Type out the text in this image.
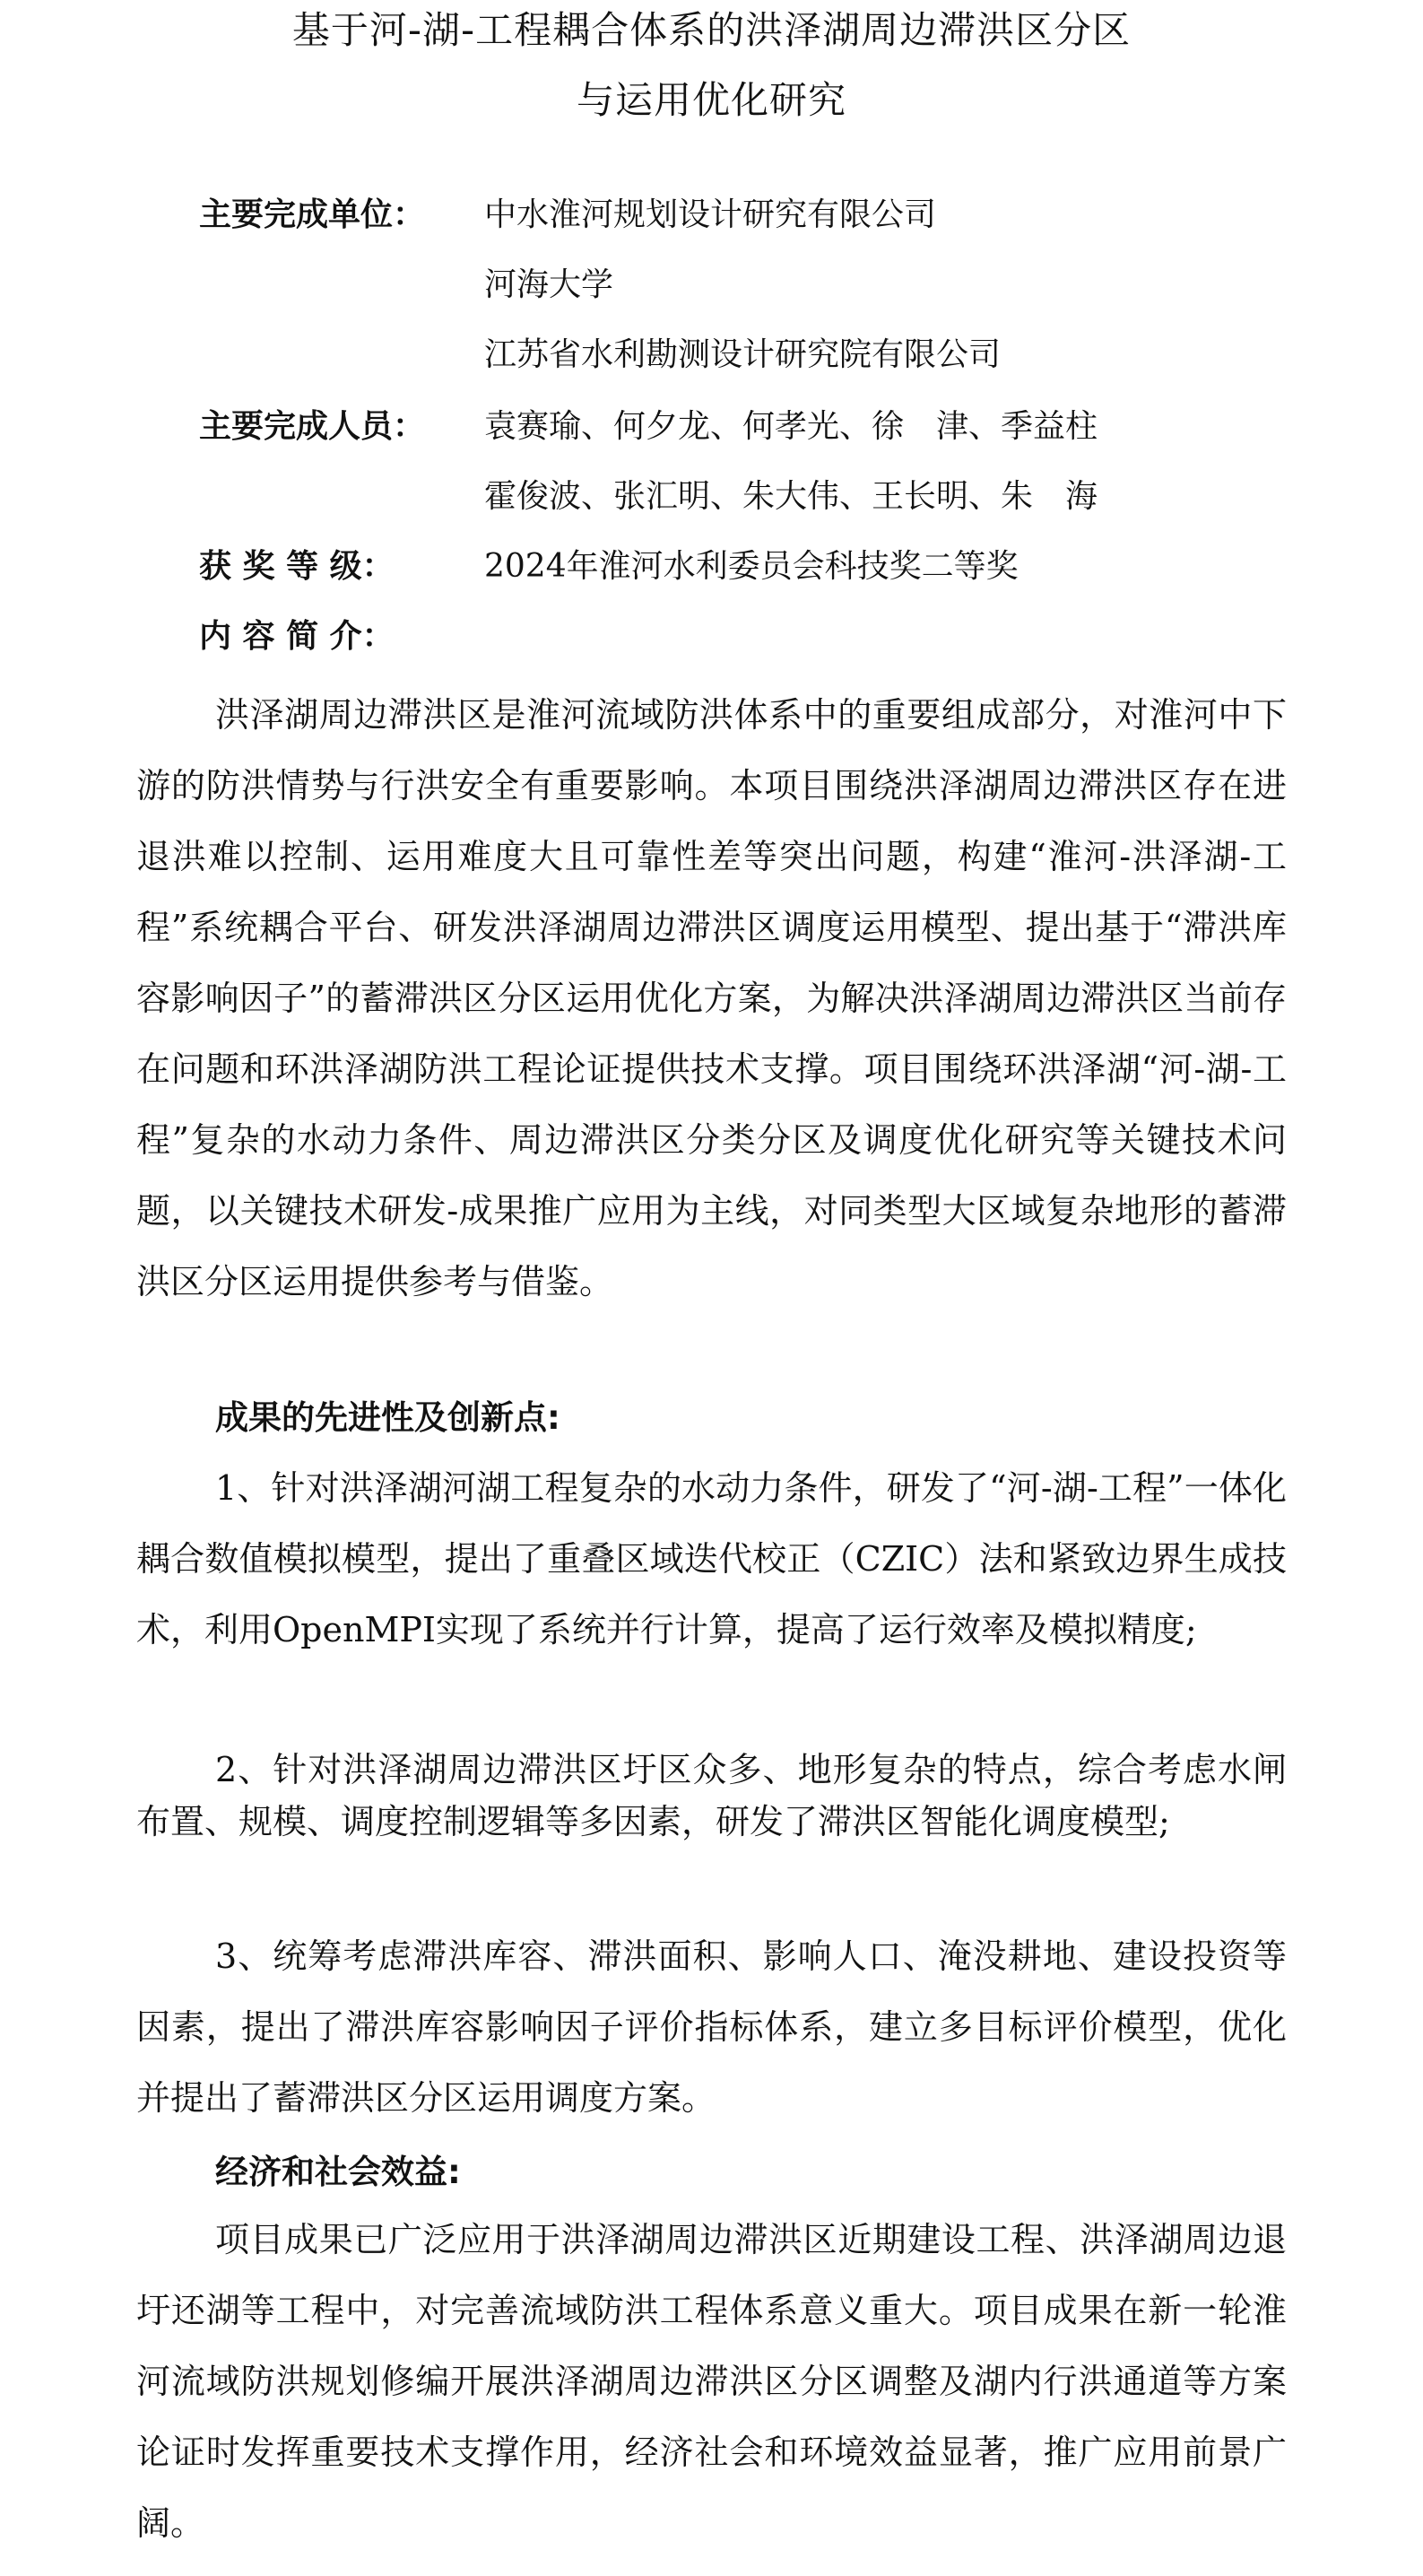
基于河-湖-工程耦合体系的洪泽湖周边滞洪区分区
与运用优化研究
主要完成单位：	中水淮河规划设计研究有限公司
河海大学
江苏省水利勘测设计研究院有限公司
主要完成人员：	袁赛瑜、何夕龙、何孝光、徐　津、季益柱
霍俊波、张汇明、朱大伟、王长明、朱　海
获 奖 等 级：	2024年淮河水利委员会科技奖二等奖
内 容 简 介：
洪泽湖周边滞洪区是淮河流域防洪体系中的重要组成部分，对淮河中下游的防洪情势与行洪安全有重要影响。本项目围绕洪泽湖周边滞洪区存在进退洪难以控制、运用难度大且可靠性差等突出问题，构建“淮河-洪泽湖-工程”系统耦合平台、研发洪泽湖周边滞洪区调度运用模型、提出基于“滞洪库容影响因子”的蓄滞洪区分区运用优化方案，为解决洪泽湖周边滞洪区当前存在问题和环洪泽湖防洪工程论证提供技术支撑。项目围绕环洪泽湖“河-湖-工程”复杂的水动力条件、周边滞洪区分类分区及调度优化研究等关键技术问题，以关键技术研发-成果推广应用为主线，对同类型大区域复杂地形的蓄滞洪区分区运用提供参考与借鉴。
成果的先进性及创新点:
1、针对洪泽湖河湖工程复杂的水动力条件，研发了“河-湖-工程”一体化耦合数值模拟模型，提出了重叠区域迭代校正（CZIC）法和紧致边界生成技术，利用OpenMPI实现了系统并行计算，提高了运行效率及模拟精度;
2、针对洪泽湖周边滞洪区圩区众多、地形复杂的特点，综合考虑水闸布置、规模、调度控制逻辑等多因素，研发了滞洪区智能化调度模型;
3、统筹考虑滞洪库容、滞洪面积、影响人口、淹没耕地、建设投资等因素，提出了滞洪库容影响因子评价指标体系，建立多目标评价模型，优化并提出了蓄滞洪区分区运用调度方案。
经济和社会效益:
项目成果已广泛应用于洪泽湖周边滞洪区近期建设工程、洪泽湖周边退圩还湖等工程中，对完善流域防洪工程体系意义重大。项目成果在新一轮淮河流域防洪规划修编开展洪泽湖周边滞洪区分区调整及湖内行洪通道等方案论证时发挥重要技术支撑作用，经济社会和环境效益显著，推广应用前景广阔。
